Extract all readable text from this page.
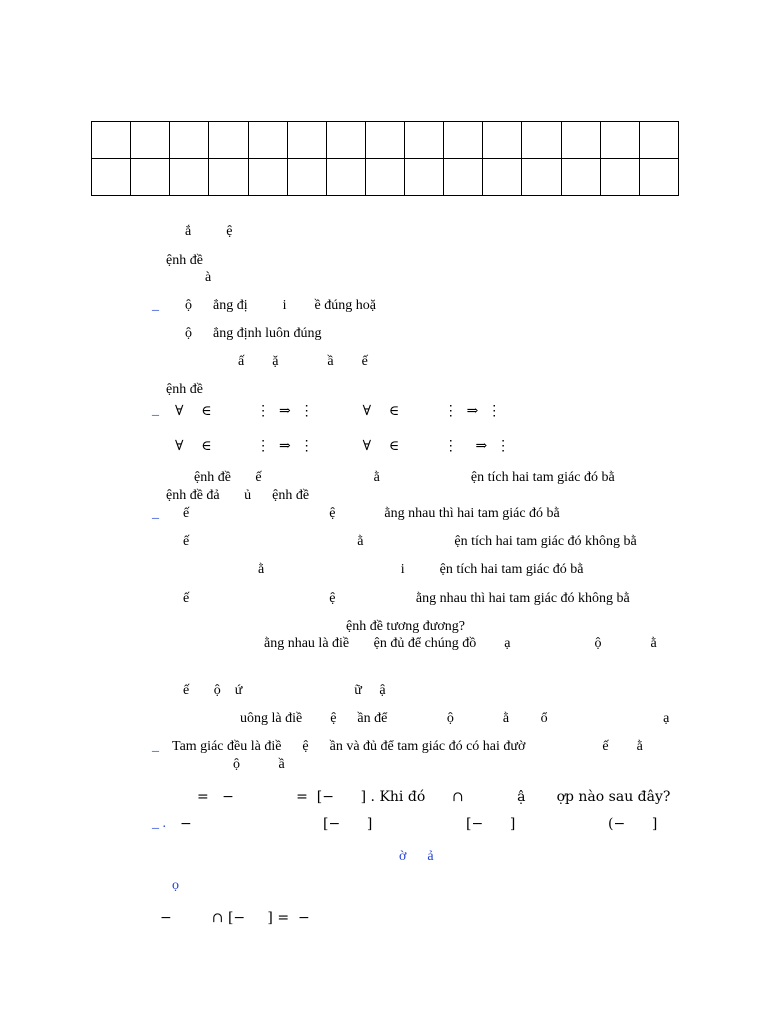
ắ          ệ
ệnh đề
à
_ ộ      ẳng đị          i        ề đúng hoặ
ộ      ẳng định luôn đúng
ấ        ặ              ầ        ế
ệnh đề
_ ∀    ∈          ⋮  ⇒  ⋮           ∀    ∈          ⋮  ⇒  ⋮
∀    ∈          ⋮  ⇒  ⋮           ∀    ∈          ⋮    ⇒  ⋮
ệnh đề       ế                                ằ                          ện tích hai tam giác đó bằ
ệnh đề đả       ủ      ệnh đề
_ ế                                        ệ              ằng nhau thì hai tam giác đó bằ
ế                                                ằ                          ện tích hai tam giác đó không bằ
ằ                                       i          ện tích hai tam giác đó bằ
ế                                        ệ                       ằng nhau thì hai tam giác đó không bằ
ệnh đề tương đương?
ằng nhau là điề       ện đủ để chúng đồ        ạ                        ộ              ằ
ế       ộ    ứ                                ữ     ậ
uông là điề        ệ      ần để                 ộ              ằ         ổ                                 ạ
_ Tam giác đều là điề      ệ      ần và đủ để tam giác đó có hai đườ                      ế        ằ
ộ           ầ
=   −              =  [−      ] . Khi đó      ∩            ậ       ợp nào sau đây?
_ . −	[−      ]	[−      ]	(−      ]
ờ      ả
ọ
−         ∩ [−     ] =  −
